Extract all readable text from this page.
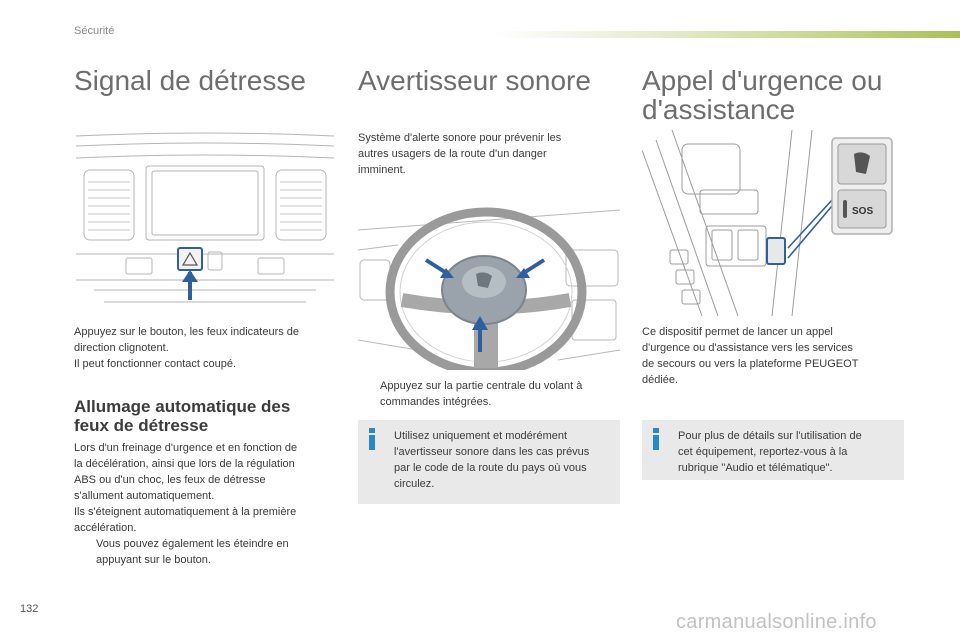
Sécurité
Signal de détresse

Appuyez sur le bouton, les feux indicateurs de

direction clignotent.

Il peut fonctionner contact coupé.

Allumage automatique des
feux de détresse

Lors d'un freinage d'urgence et en fonction de

la décélération, ainsi que lors de la régulation

ABS ou d'un choc, les feux de détresse

s'allument automatiquement.

Ils s'éteignent automatiquement à la première

accélération.

Vous pouvez également les éteindre en

appuyant sur le bouton.

Avertisseur sonore

Système d'alerte sonore pour prévenir les

autres usagers de la route d'un danger

imminent.

Appuyez sur la partie centrale du volant à

commandes intégrées.

Utilisez uniquement et modérément

l'avertisseur sonore dans les cas prévus

par le code de la route du pays où vous

circulez.

Appel d'urgence ou
d'assistance
SOS

Ce dispositif permet de lancer un appel

d'urgence ou d'assistance vers les services

de secours ou vers la plateforme PEUGEOT

dédiée.

Pour plus de détails sur l'utilisation de

cet équipement, reportez-vous à la

rubrique "Audio et télématique".

132
carmanualsonline.info
